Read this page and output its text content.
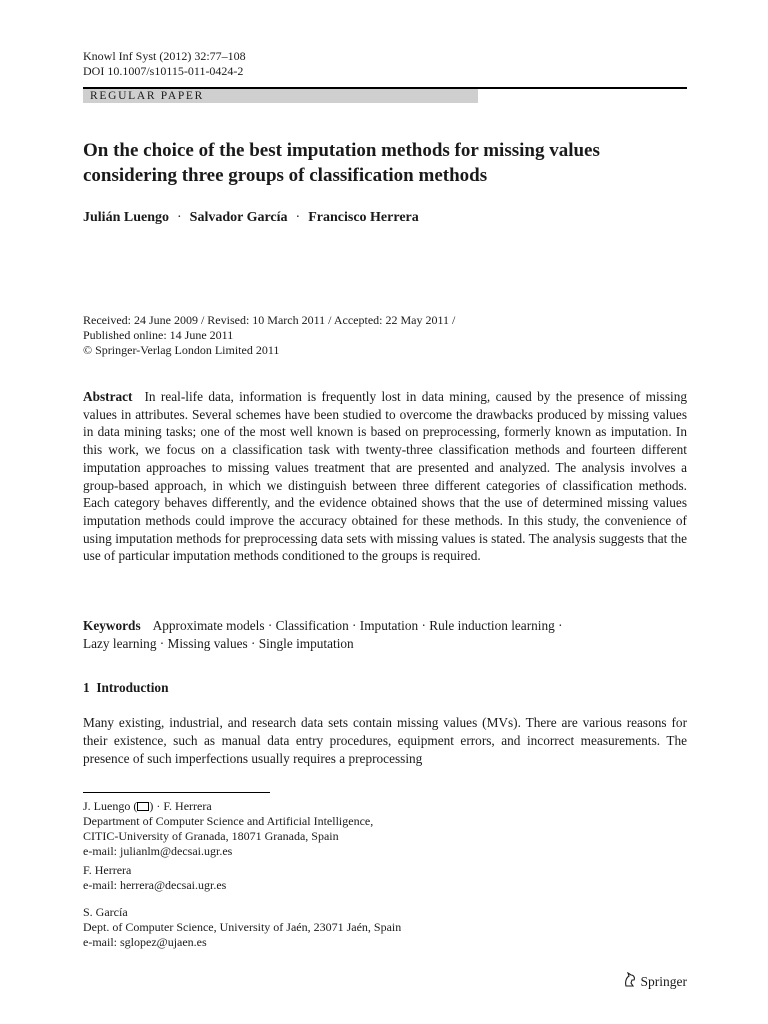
Knowl Inf Syst (2012) 32:77–108
DOI 10.1007/s10115-011-0424-2
REGULAR PAPER
On the choice of the best imputation methods for missing values considering three groups of classification methods
Julián Luengo · Salvador García · Francisco Herrera
Received: 24 June 2009 / Revised: 10 March 2011 / Accepted: 22 May 2011 /
Published online: 14 June 2011
© Springer-Verlag London Limited 2011

Abstract In real-life data, information is frequently lost in data mining, caused by the presence of missing values in attributes. Several schemes have been studied to overcome the drawbacks produced by missing values in data mining tasks; one of the most well known is based on preprocessing, formerly known as imputation. In this work, we focus on a classification task with twenty-three classification methods and fourteen different imputation approaches to missing values treatment that are presented and analyzed. The analysis involves a group-based approach, in which we distinguish between three different categories of classification methods. Each category behaves differently, and the evidence obtained shows that the use of determined missing values imputation methods could improve the accuracy obtained for these methods. In this study, the convenience of using imputation methods for preprocessing data sets with missing values is stated. The analysis suggests that the use of particular imputation methods conditioned to the groups is required.

Keywords Approximate models · Classification · Imputation · Rule induction learning ·
Lazy learning · Missing values · Single imputation
1 Introduction

Many existing, industrial, and research data sets contain missing values (MVs). There are various reasons for their existence, such as manual data entry procedures, equipment errors, and incorrect measurements. The presence of such imperfections usually requires a preprocessing

J. Luengo ( ) · F. Herrera
Department of Computer Science and Artificial Intelligence,
CITIC-University of Granada, 18071 Granada, Spain
e-mail: julianlm@decsai.ugr.es
F. Herrera
e-mail: herrera@decsai.ugr.es
S. García
Dept. of Computer Science, University of Jaén, 23071 Jaén, Spain
e-mail: sglopez@ujaen.es
Springer
